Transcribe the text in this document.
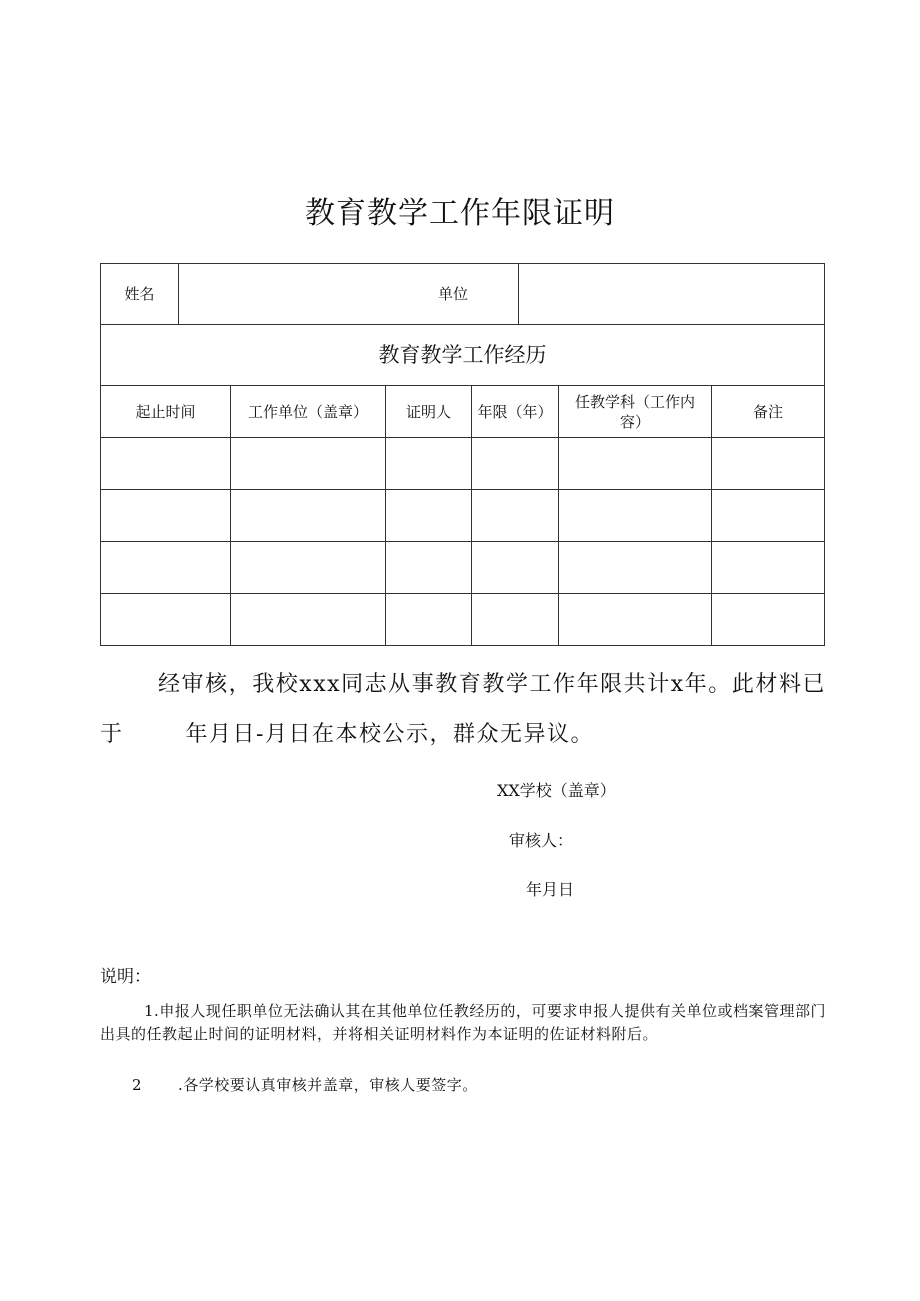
教育教学工作年限证明
姓名 单位					

教育教学工作经历					
起止时间	工作单位（盖章）	证明人	年限（年）	任教学科（工作内容）	备注

经审核，我校xxx同志从事教育教学工作年限共计x年。此材料已于	年月日-月日在本校公示，群众无异议。

XX学校（盖章）
审核人：
年月日
说明：

1.申报人现任职单位无法确认其在其他单位任教经历的，可要求申报人提供有关单位或档案管理部门出具的任教起止时间的证明材料，并将相关证明材料作为本证明的佐证材料附后。

2 .各学校要认真审核并盖章，审核人要签字。
